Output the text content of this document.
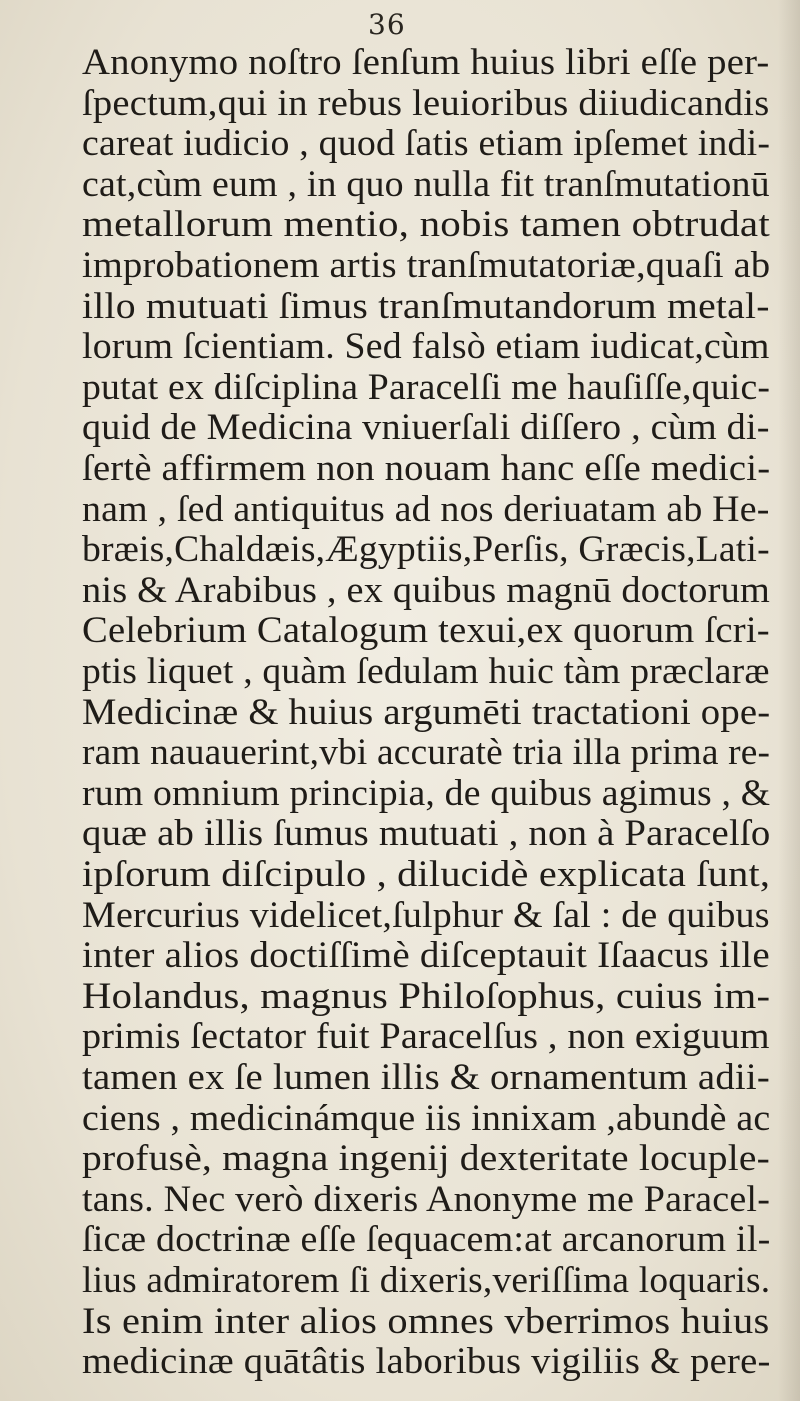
36
Anonymo noſtro ſenſum huius libri eſſe per-
ſpectum,qui in rebus leuioribus diiudicandis
careat iudicio , quod ſatis etiam ipſemet indi-
cat,cùm eum , in quo nulla fit tranſmutationū
metallorum mentio, nobis tamen obtrudat
improbationem artis tranſmutatoriæ,quaſi ab
illo mutuati ſimus tranſmutandorum metal-
lorum ſcientiam. Sed falsò etiam iudicat,cùm
putat ex diſciplina Paracelſi me hauſiſſe,quic-
quid de Medicina vniuerſali diſſero , cùm di-
ſertè affirmem non nouam hanc eſſe medici-
nam , ſed antiquitus ad nos deriuatam ab He-
bræis,Chaldæis,Ægyptiis,Perſis, Græcis,Lati-
nis & Arabibus , ex quibus magnū doctorum
Celebrium Catalogum texui,ex quorum ſcri-
ptis liquet , quàm ſedulam huic tàm præclaræ
Medicinæ & huius argumēti tractationi ope-
ram nauauerint,vbi accuratè tria illa prima re-
rum omnium principia, de quibus agimus , &
quæ ab illis ſumus mutuati , non à Paracelſo
ipſorum diſcipulo , dilucidè explicata ſunt,
Mercurius videlicet,ſulphur & ſal : de quibus
inter alios doctiſſimè diſceptauit Iſaacus ille
Holandus, magnus Philoſophus, cuius im-
primis ſectator fuit Paracelſus , non exiguum
tamen ex ſe lumen illis & ornamentum adii-
ciens , medicinámque iis innixam ,abundè ac
profusè, magna ingenij dexteritate locuple-
tans. Nec verò dixeris Anonyme me Paracel-
ſicæ doctrinæ eſſe ſequacem:at arcanorum il-
lius admiratorem ſi dixeris,veriſſima loquaris.
Is enim inter alios omnes vberrimos huius
medicinæ quātâtis laboribus vigiliis & pere-
